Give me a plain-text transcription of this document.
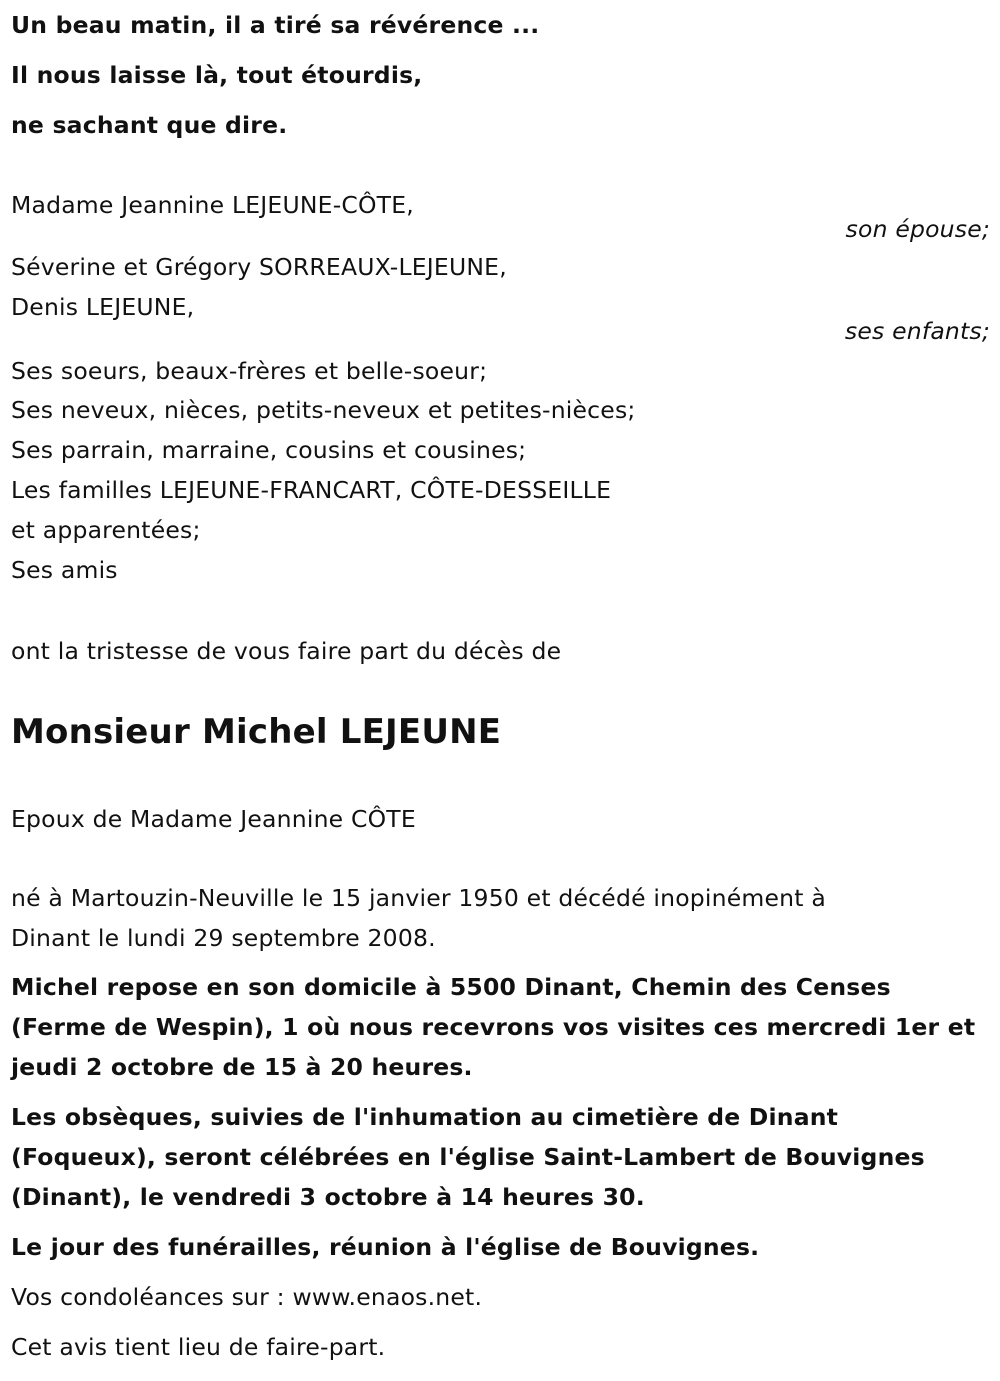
Un beau matin, il a tiré sa révérence ...
Il nous laisse là, tout étourdis,
ne sachant que dire.
Madame Jeannine LEJEUNE-CÔTE,
son épouse;
Séverine et Grégory SORREAUX-LEJEUNE,
Denis LEJEUNE,
ses enfants;
Ses soeurs, beaux-frères et belle-soeur;
Ses neveux, nièces, petits-neveux et petites-nièces;
Ses parrain, marraine, cousins et cousines;
Les familles LEJEUNE-FRANCART, CÔTE-DESSEILLE
et apparentées;
Ses amis
ont la tristesse de vous faire part du décès de
Monsieur Michel LEJEUNE
Epoux de Madame Jeannine CÔTE
né à Martouzin-Neuville le 15 janvier 1950 et décédé inopinément à
Dinant le lundi 29 septembre 2008.
Michel repose en son domicile à 5500 Dinant, Chemin des Censes
(Ferme de Wespin), 1 où nous recevrons vos visites ces mercredi 1er et
jeudi 2 octobre de 15 à 20 heures.
Les obsèques, suivies de l'inhumation au cimetière de Dinant
(Foqueux), seront célébrées en l'église Saint-Lambert de Bouvignes
(Dinant), le vendredi 3 octobre à 14 heures 30.
Le jour des funérailles, réunion à l'église de Bouvignes.
Vos condoléances sur : www.enaos.net.
Cet avis tient lieu de faire-part.
